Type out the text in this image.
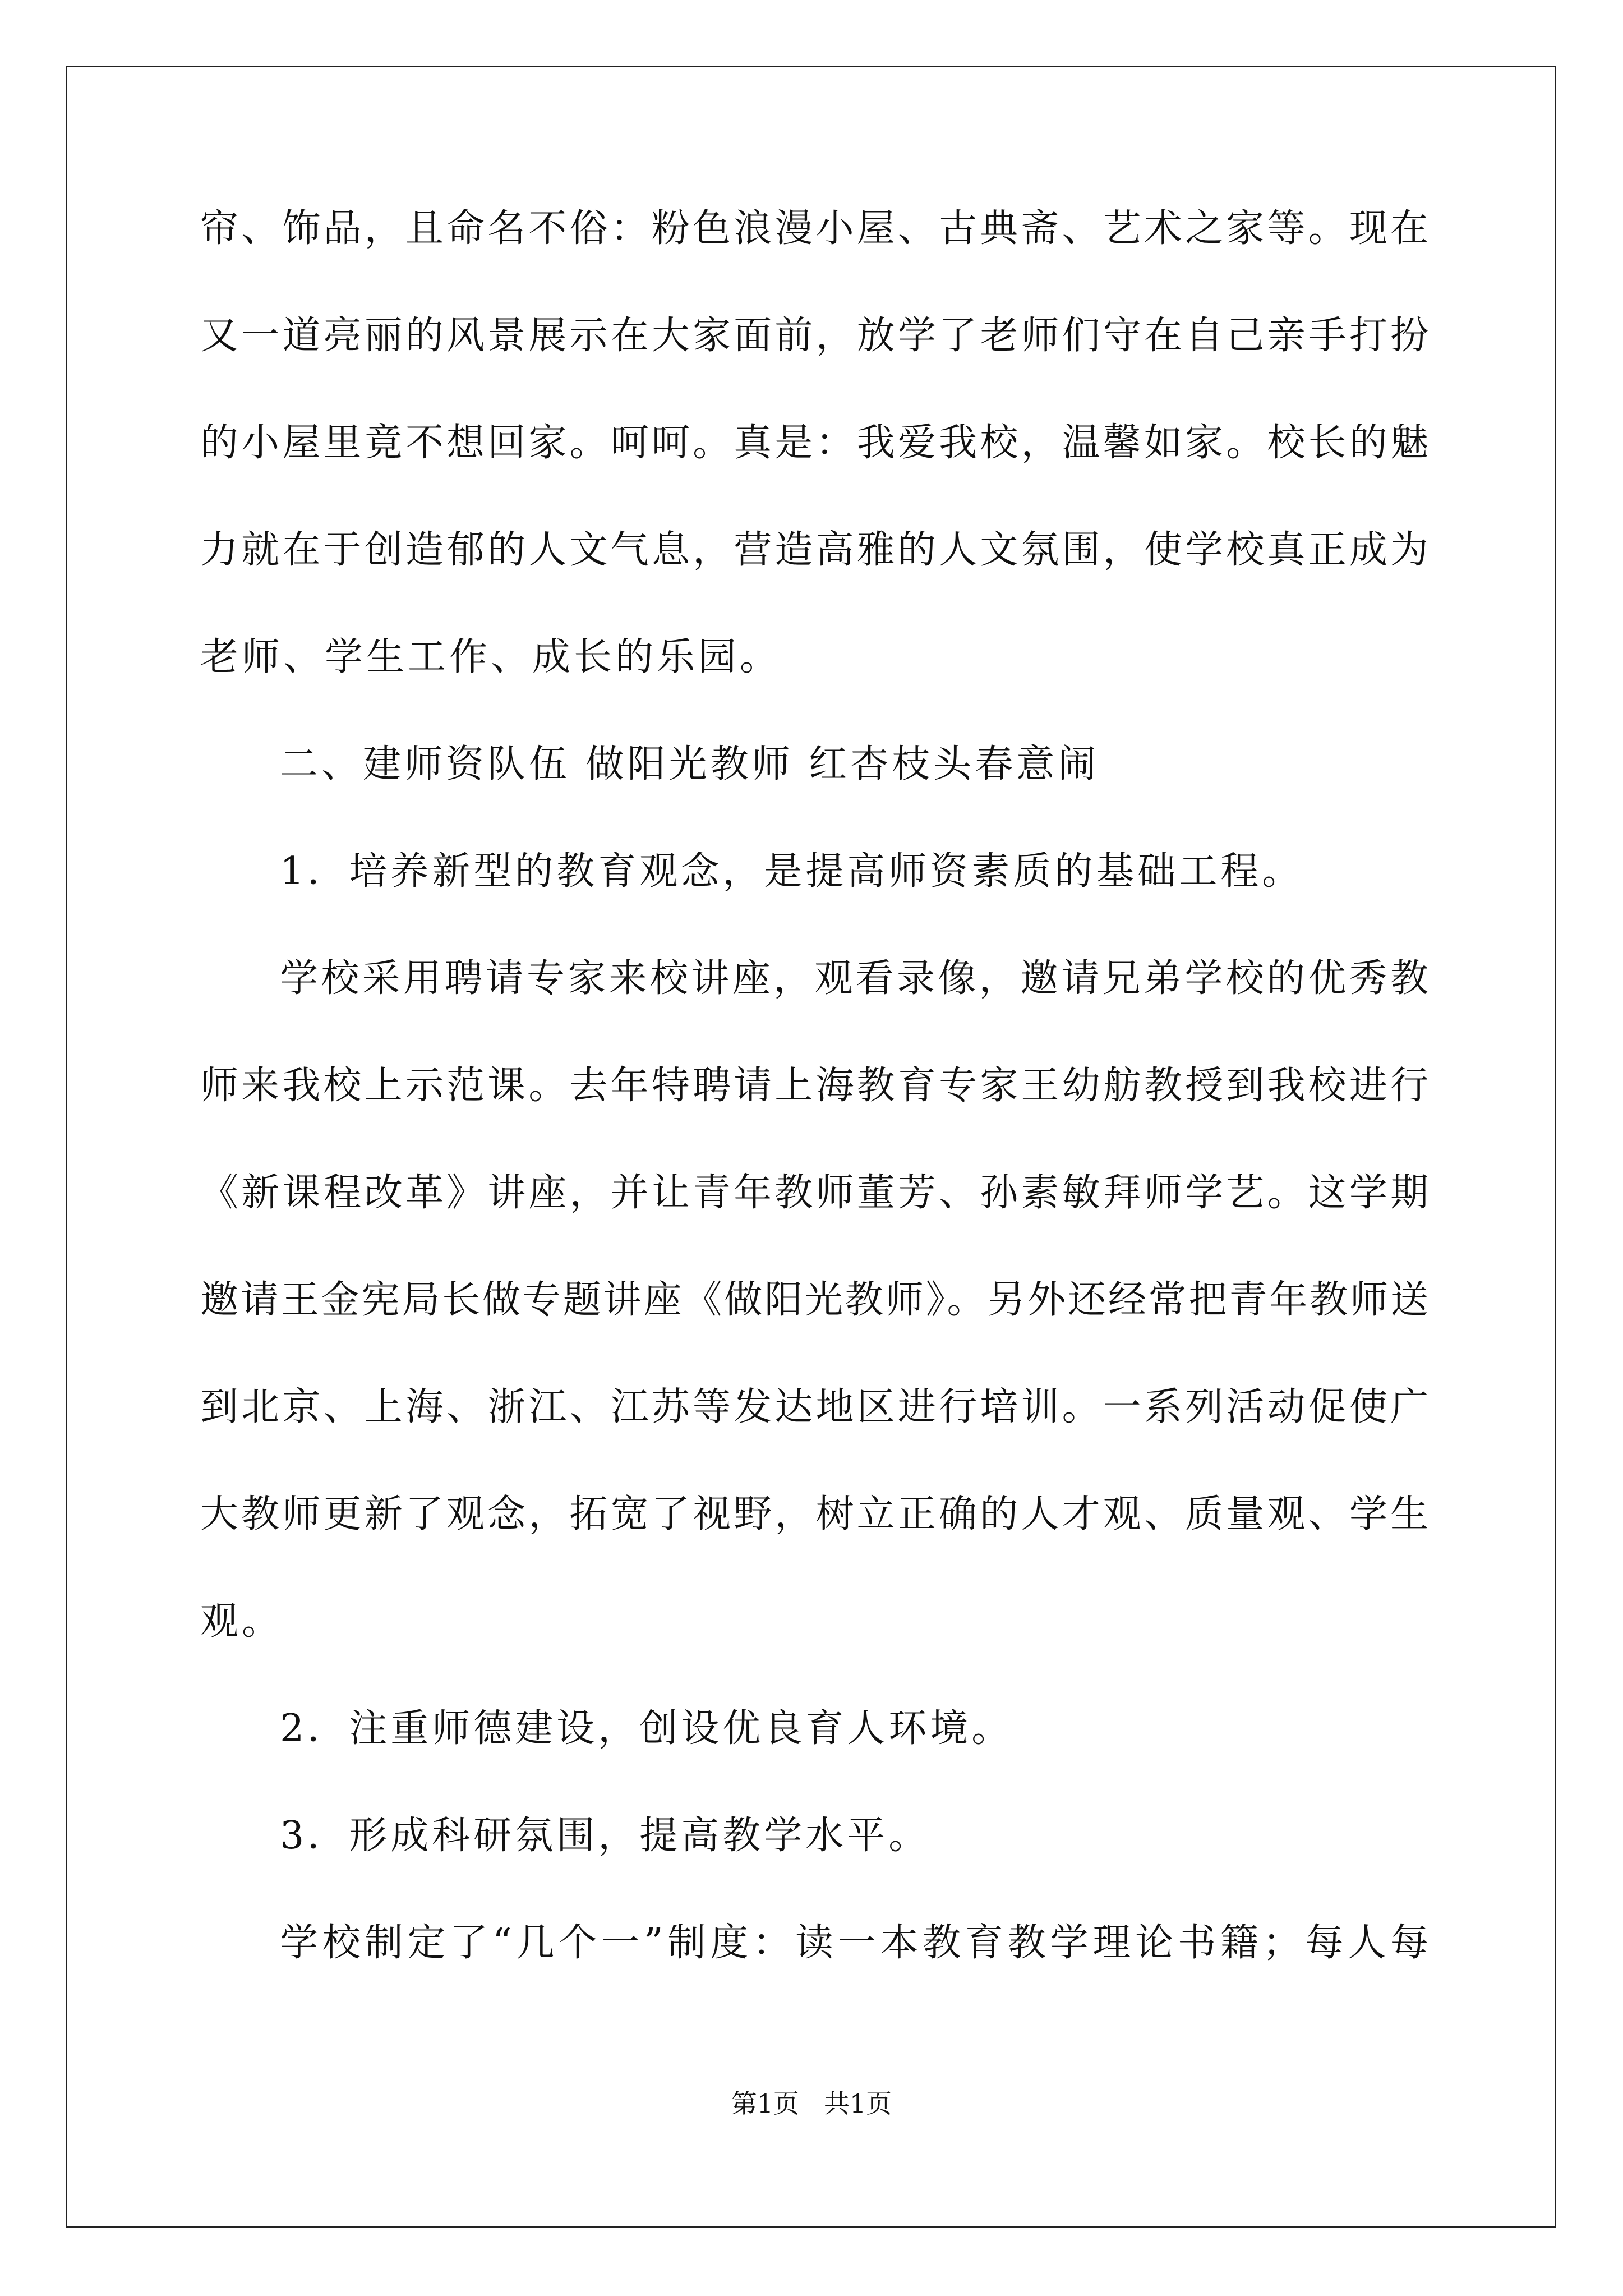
帘、饰品，且命名不俗：粉色浪漫小屋、古典斋、艺术之家等。现在
又一道亮丽的风景展示在大家面前，放学了老师们守在自己亲手打扮
的小屋里竟不想回家。呵呵。真是：我爱我校，温馨如家。校长的魅
力就在于创造郁的人文气息，营造高雅的人文氛围，使学校真正成为
老师、学生工作、成长的乐园。
二、建师资队伍 做阳光教师 红杏枝头春意闹
1．培养新型的教育观念，是提高师资素质的基础工程。
学校采用聘请专家来校讲座，观看录像，邀请兄弟学校的优秀教
师来我校上示范课。去年特聘请上海教育专家王幼舫教授到我校进行
《新课程改革》讲座，并让青年教师董芳、孙素敏拜师学艺。这学期
邀请王金宪局长做专题讲座《做阳光教师》。另外还经常把青年教师送
到北京、上海、浙江、江苏等发达地区进行培训。一系列活动促使广
大教师更新了观念，拓宽了视野，树立正确的人才观、质量观、学生
观。
2．注重师德建设，创设优良育人环境。
3．形成科研氛围，提高教学水平。
学校制定了“几个一”制度：读一本教育教学理论书籍；每人每
第1页 共1页
